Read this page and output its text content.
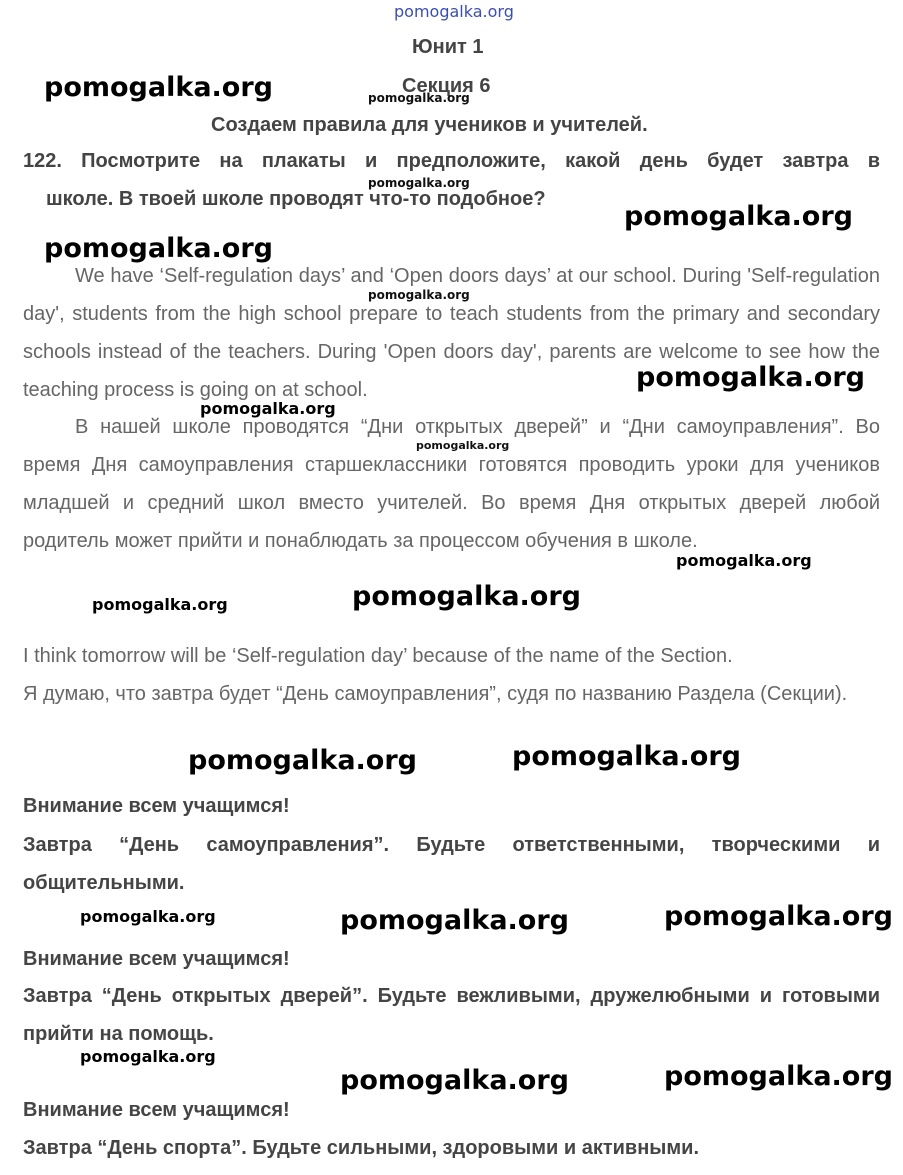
pomogalka.org
Юнит 1
Секция 6
Создаем правила для учеников и учителей.
122. Посмотрите на плакаты и предположите, какой день будет завтра в
школе. В твоей школе проводят что-то подобное?
We have ‘Self-regulation days’ and ‘Open doors days’ at our school. During 'Self-regulation day', students from the high school prepare to teach students from the primary and secondary schools instead of the teachers. During 'Open doors day', parents are welcome to see how the teaching process is going on at school.
В нашей школе проводятся “Дни открытых дверей” и “Дни самоуправления”. Во время Дня самоуправления старшеклассники готовятся проводить уроки для учеников младшей и средний школ вместо учителей. Во время Дня открытых дверей любой родитель может прийти и понаблюдать за процессом обучения в школе.
I think tomorrow will be ‘Self-regulation day’ because of the name of the Section.
Я думаю, что завтра будет “День самоуправления”, судя по названию Раздела (Секции).
Внимание всем учащимся!
Завтра “День самоуправления”. Будьте ответственными, творческими и общительными.
Внимание всем учащимся!
Завтра “День открытых дверей”. Будьте вежливыми, дружелюбными и готовыми прийти на помощь.
Внимание всем учащимся!
Завтра “День спорта”. Будьте сильными, здоровыми и активными.
pomogalka.org	pomogalka.org
pomogalka.org
pomogalka.org
pomogalka.org
pomogalka.org
pomogalka.org
pomogalka.org
pomogalka.org
pomogalka.org
pomogalka.org
pomogalka.org
pomogalka.org	pomogalka.org
pomogalka.org	pomogalka.org	pomogalka.org
pomogalka.org
pomogalka.org	pomogalka.org
